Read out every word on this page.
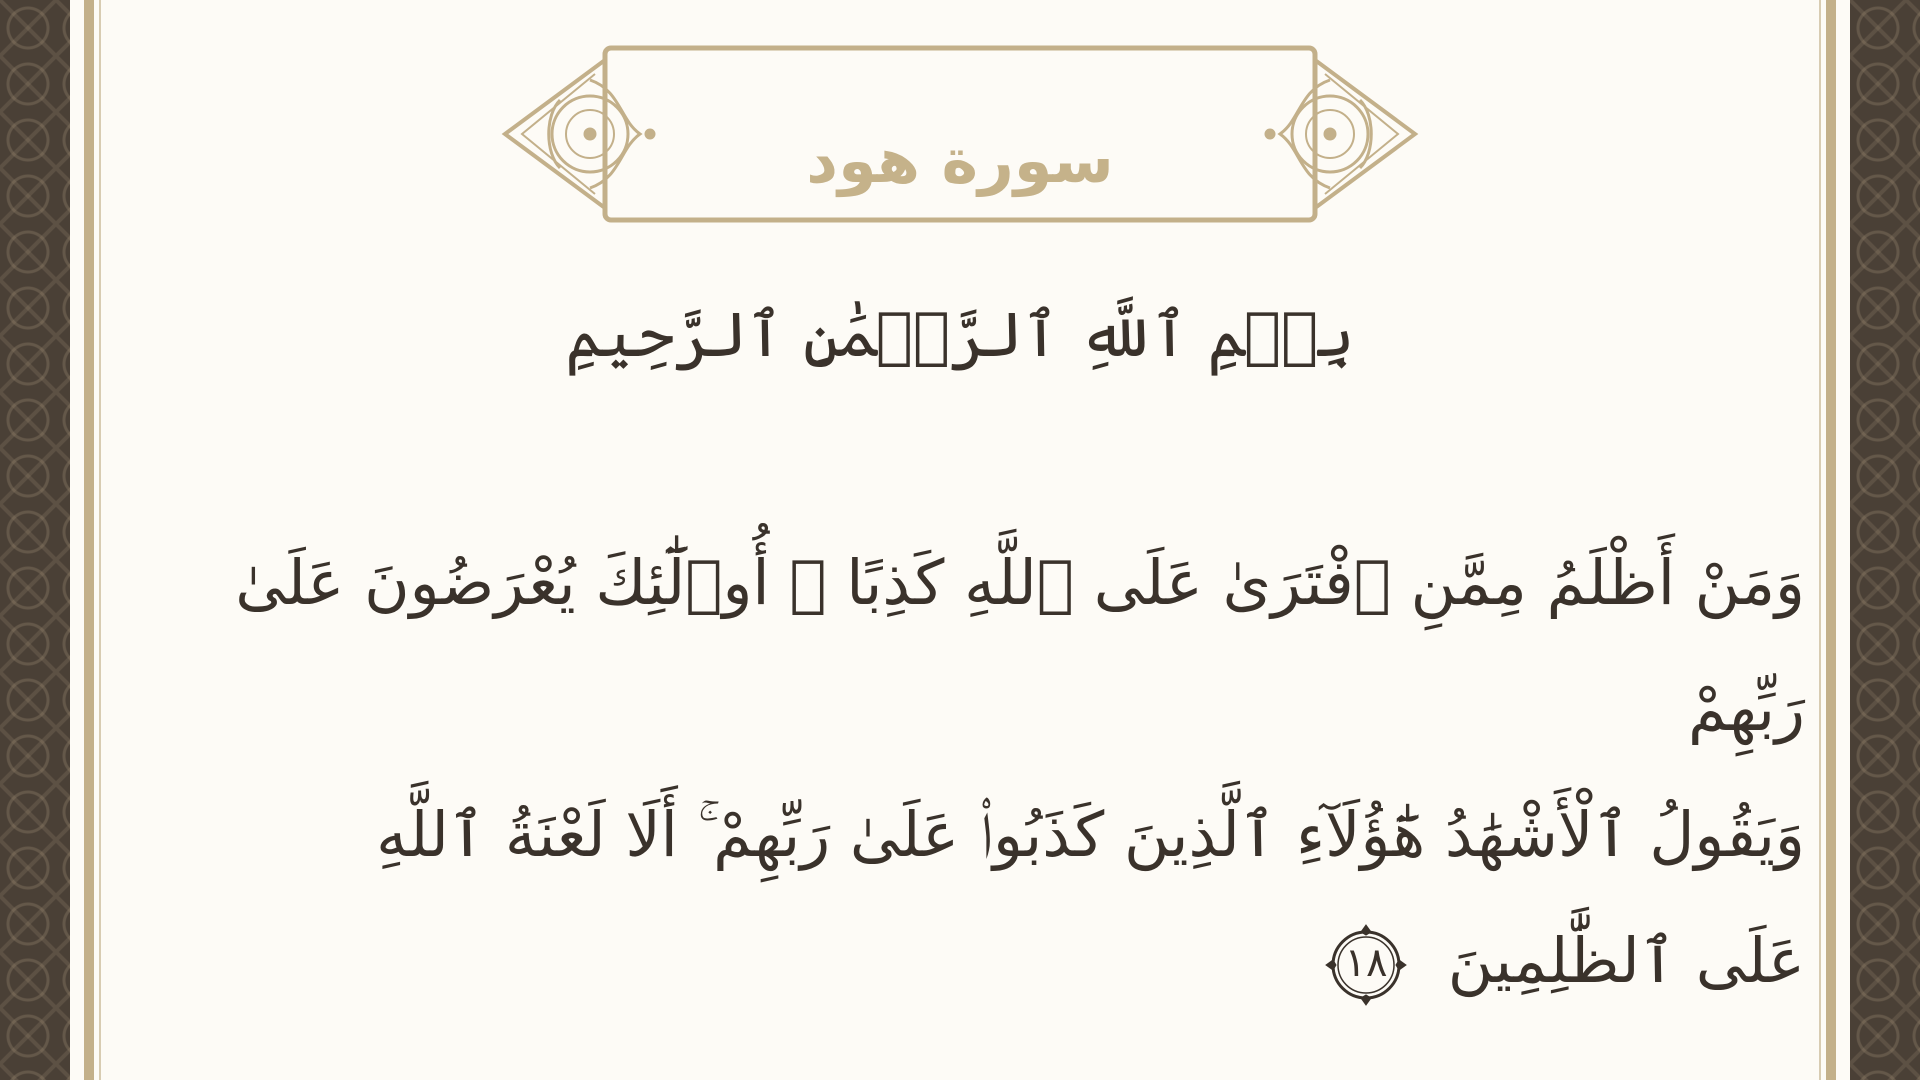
سورة هود
بِسۡمِ ٱللَّهِ ٱلرَّحۡمَٰنِ ٱلرَّحِيمِ
وَمَنْ أَظْلَمُ مِمَّنِ ٱفْتَرَىٰ عَلَى ٱللَّهِ كَذِبًا ۚ أُو۟لَٰٓئِكَ يُعْرَضُونَ عَلَىٰ رَبِّهِمْ
وَيَقُولُ ٱلْأَشْهَٰدُ هَٰٓؤُلَآءِ ٱلَّذِينَ كَذَبُوا۟ عَلَىٰ رَبِّهِمْ ۚ أَلَا لَعْنَةُ ٱللَّهِ
عَلَى ٱلظَّٰلِمِينَ
١٨
